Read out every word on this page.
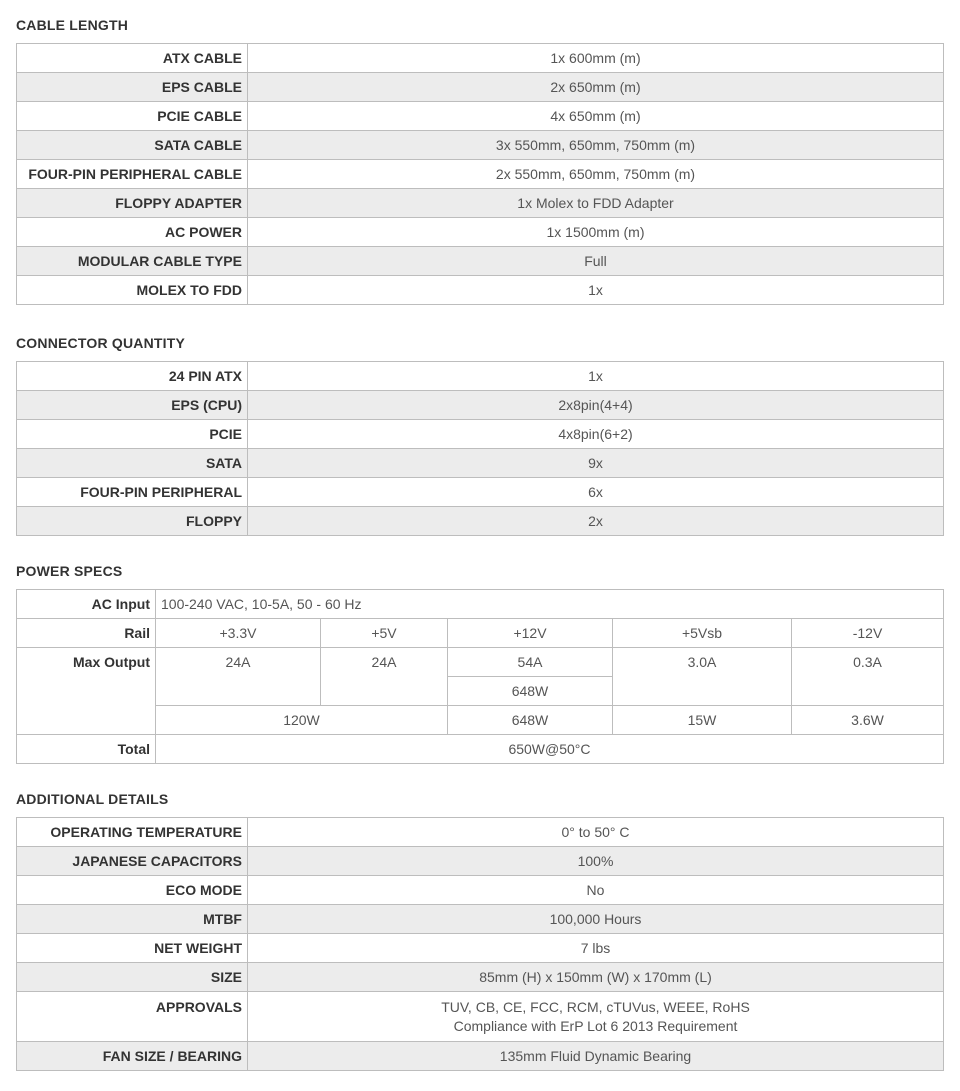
CABLE LENGTH
ATX CABLE	1x 600mm (m)
EPS CABLE	2x 650mm (m)
PCIE CABLE	4x 650mm (m)
SATA CABLE	3x 550mm, 650mm, 750mm (m)
FOUR-PIN PERIPHERAL CABLE	2x 550mm, 650mm, 750mm (m)
FLOPPY ADAPTER	1x Molex to FDD Adapter
AC POWER	1x 1500mm (m)
MODULAR CABLE TYPE	Full
MOLEX TO FDD	1x
CONNECTOR QUANTITY
24 PIN ATX	1x
EPS (CPU)	2x8pin(4+4)
PCIE	4x8pin(6+2)
SATA	9x
FOUR-PIN PERIPHERAL	6x
FLOPPY	2x
POWER SPECS
AC Input	100-240 VAC, 10-5A, 50 - 60 Hz				
Rail	+3.3V	+5V	+12V	+5Vsb	-12V
Max Output	24A	24A	54A	3.0A	0.3A
			648W		
	120W		648W	15W	3.6W
Total	650W@50°C				
ADDITIONAL DETAILS
OPERATING TEMPERATURE	0° to 50° C
JAPANESE CAPACITORS	100%
ECO MODE	No
MTBF	100,000 Hours
NET WEIGHT	7 lbs
SIZE	85mm (H) x 150mm (W) x 170mm (L)
APPROVALS	TUV, CB, CE, FCC, RCM, cTUVus, WEEE, RoHS
Compliance with ErP Lot 6 2013 Requirement

FAN SIZE / BEARING	135mm Fluid Dynamic Bearing
